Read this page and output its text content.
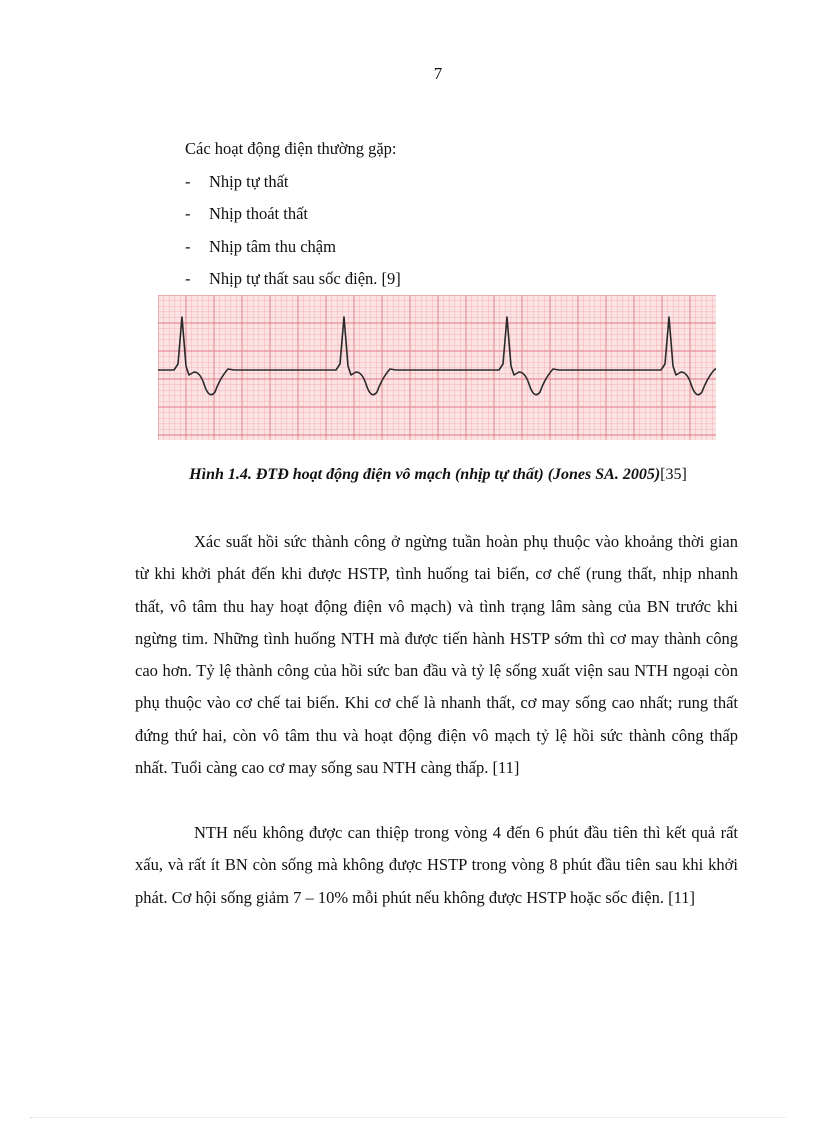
7
Các hoạt động điện thường gặp:
- Nhịp tự thất
- Nhịp thoát thất
- Nhịp tâm thu chậm
- Nhịp tự thất sau sốc điện. [9]
Hình 1.4. ĐTĐ hoạt động điện vô mạch (nhịp tự thất) (Jones SA. 2005)[35]
Xác suất hồi sức thành công ở ngừng tuần hoàn phụ thuộc vào khoảng thời gian từ khi khởi phát đến khi được HSTP, tình huống tai biến, cơ chế (rung thất, nhịp nhanh thất, vô tâm thu hay hoạt động điện vô mạch) và tình trạng lâm sàng của BN trước khi ngừng tim. Những tình huống NTH mà được tiến hành HSTP sớm thì cơ may thành công cao hơn. Tỷ lệ thành công của hồi sức ban đầu và tỷ lệ sống xuất viện sau NTH ngoại còn phụ thuộc vào cơ chế tai biến. Khi cơ chế là nhanh thất, cơ may sống cao nhất; rung thất đứng thứ hai, còn vô tâm thu và hoạt động điện vô mạch tỷ lệ hồi sức thành công thấp nhất. Tuổi càng cao cơ may sống sau NTH càng thấp. [11]
NTH nếu không được can thiệp trong vòng 4 đến 6 phút đầu tiên thì kết quả rất xấu, và rất ít BN còn sống mà không được HSTP trong vòng 8 phút đầu tiên sau khi khởi phát. Cơ hội sống giảm 7 – 10% mỗi phút nếu không được HSTP hoặc sốc điện. [11]
